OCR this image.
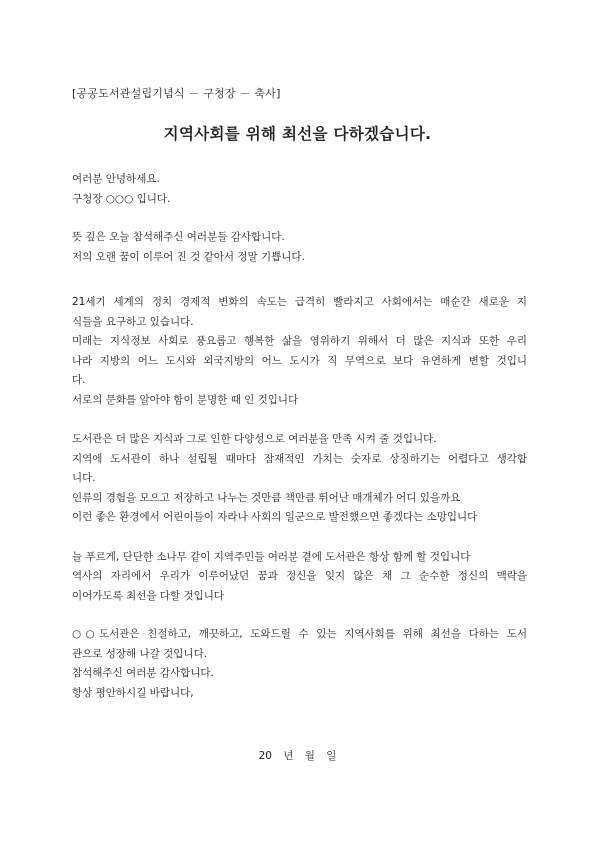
[공공도서관설립기념식 － 구청장 － 축사]
지역사회를 위해 최선을 다하겠습니다.
여러분 안녕하세요.
구청장 ○○○ 입니다.
뜻 깊은 오늘 참석해주신 여러분들 감사합니다.
저의 오랜 꿈이 이루어 진 것 같아서 정말 기쁩니다.
21세기 세계의 정치 경제적 변화의 속도는 급격히 빨라지고 사회에서는 매순간 새로운 지
식들을 요구하고 있습니다.
미래는 지식정보 사회로 풍요롭고 행복한 삶을 영위하기 위해서 더 많은 지식과 또한 우리
나라 지방의 어느 도시와 외국지방의 어느 도시가 직 무역으로 보다 유연하게 변할 것입니
다.
서로의 문화를 알아야 함이 분명한 때 인 것입니다
도서관은 더 많은 지식과 그로 인한 다양성으로 여러분을 만족 시켜 줄 것입니다.
지역에 도서관이 하나 설립될 때마다 잠재적인 가치는 숫자로 상징하기는 어렵다고 생각합
니다.
인류의 경험을 모으고 저장하고 나누는 것만큼 책만큼 뛰어난 매개체가 어디 있을까요
이런 좋은 환경에서 어린이들이 자라나 사회의 일군으로 발전했으면 좋겠다는 소망입니다
늘 푸르게, 단단한 소나무 같이 지역주민들 여러분 곁에 도서관은 항상 함께 할 것입니다
역사의 자리에서 우리가 이루어났던 꿈과 정신을 잊지 않은 채 그 순수한 정신의 맥락을
이어가도록 최선을 다할 것입니다
○○도서관은 친절하고, 깨끗하고, 도와드릴 수 있는 지역사회를 위해 최선을 다하는 도서
관으로 성장해 나갈 것입니다.
참석해주신 여러분 감사합니다.
항상 평안하시길 바랍니다,
20 년 월 일
